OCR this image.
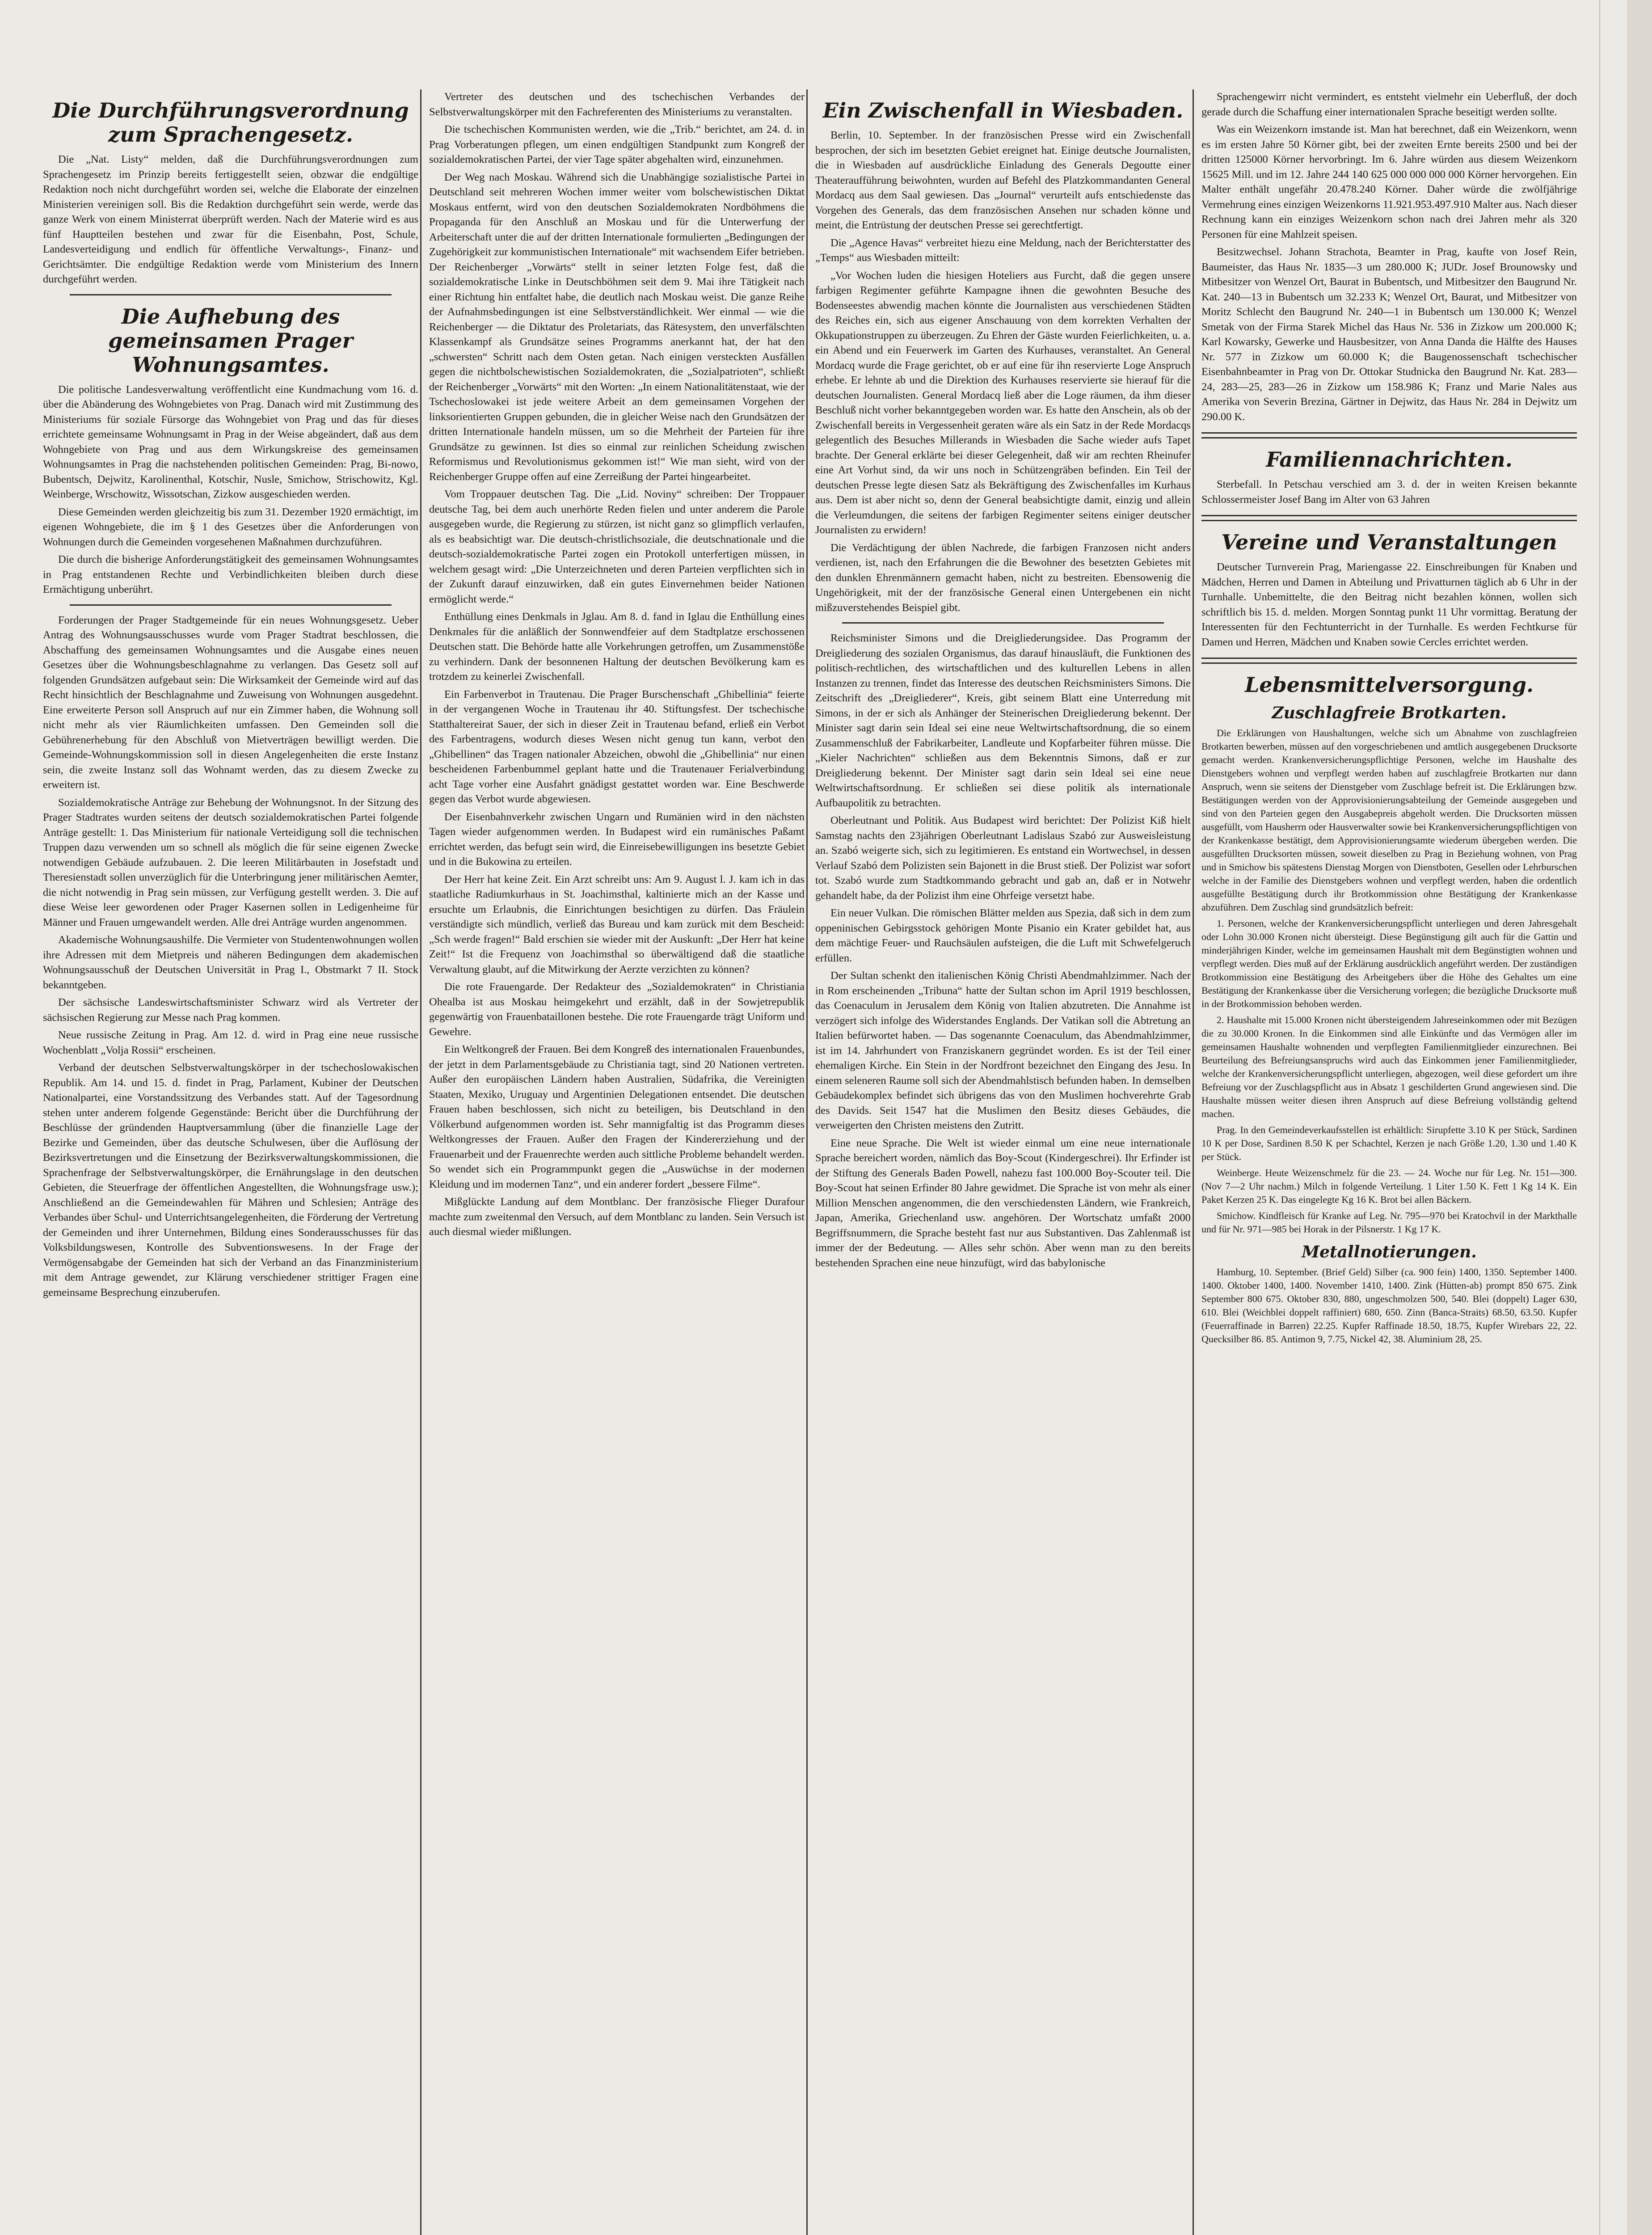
Die Durchführungsverordnung zum Sprachengesetz.

Die „Nat. Listy“ melden, daß die Durchführungsverordnungen zum Sprachengesetz im Prinzip bereits fertiggestellt seien, obzwar die endgültige Redaktion noch nicht durchgeführt worden sei, welche die Elaborate der einzelnen Ministerien vereinigen soll. Bis die Redaktion durchgeführt sein werde, werde das ganze Werk von einem Ministerrat überprüft werden. Nach der Materie wird es aus fünf Hauptteilen bestehen und zwar für die Eisenbahn, Post, Schule, Landesverteidigung und endlich für öffentliche Verwaltungs-, Finanz- und Gerichtsämter. Die endgültige Redaktion werde vom Ministerium des Innern durchgeführt werden.

Die Aufhebung des gemeinsamen Prager Wohnungsamtes.

Die politische Landesverwaltung veröffentlicht eine Kundmachung vom 16. d. über die Abänderung des Wohngebietes von Prag. Danach wird mit Zustimmung des Ministeriums für soziale Fürsorge das Wohngebiet von Prag und das für dieses errichtete gemeinsame Wohnungsamt in Prag in der Weise abgeändert, daß aus dem Wohngebiete von Prag und aus dem Wirkungskreise des gemeinsamen Wohnungsamtes in Prag die nachstehenden politischen Gemeinden: Prag, Bi-nowo, Bubentsch, Dejwitz, Karolinenthal, Kotschir, Nusle, Smichow, Strischowitz, Kgl. Weinberge, Wrschowitz, Wissotschan, Zizkow ausgeschieden werden.

Diese Gemeinden werden gleichzeitig bis zum 31. Dezember 1920 ermächtigt, im eigenen Wohngebiete, die im § 1 des Gesetzes über die Anforderungen von Wohnungen durch die Gemeinden vorgesehenen Maßnahmen durchzuführen.

Die durch die bisherige Anforderungstätigkeit des gemeinsamen Wohnungsamtes in Prag entstandenen Rechte und Verbindlichkeiten bleiben durch diese Ermächtigung unberührt.

Forderungen der Prager Stadtgemeinde für ein neues Wohnungsgesetz. Ueber Antrag des Wohnungsausschusses wurde vom Prager Stadtrat beschlossen, die Abschaffung des gemeinsamen Wohnungsamtes und die Ausgabe eines neuen Gesetzes über die Wohnungsbeschlagnahme zu verlangen. Das Gesetz soll auf folgenden Grundsätzen aufgebaut sein: Die Wirksamkeit der Gemeinde wird auf das Recht hinsichtlich der Beschlagnahme und Zuweisung von Wohnungen ausgedehnt. Eine erweiterte Person soll Anspruch auf nur ein Zimmer haben, die Wohnung soll nicht mehr als vier Räumlichkeiten umfassen. Den Gemeinden soll die Gebührenerhebung für den Abschluß von Mietverträgen bewilligt werden. Die Gemeinde-Wohnungskommission soll in diesen Angelegenheiten die erste Instanz sein, die zweite Instanz soll das Wohnamt werden, das zu diesem Zwecke zu erweitern ist.

Sozialdemokratische Anträge zur Behebung der Wohnungsnot. In der Sitzung des Prager Stadtrates wurden seitens der deutsch sozialdemokratischen Partei folgende Anträge gestellt: 1. Das Ministerium für nationale Verteidigung soll die technischen Truppen dazu verwenden um so schnell als möglich die für seine eigenen Zwecke notwendigen Gebäude aufzubauen. 2. Die leeren Militärbauten in Josefstadt und Theresienstadt sollen unverzüglich für die Unterbringung jener militärischen Aemter, die nicht notwendig in Prag sein müssen, zur Verfügung gestellt werden. 3. Die auf diese Weise leer gewordenen oder Prager Kasernen sollen in Ledigenheime für Männer und Frauen umgewandelt werden. Alle drei Anträge wurden angenommen.

Akademische Wohnungsaushilfe. Die Vermieter von Studentenwohnungen wollen ihre Adressen mit dem Mietpreis und näheren Bedingungen dem akademischen Wohnungsausschuß der Deutschen Universität in Prag I., Obstmarkt 7 II. Stock bekanntgeben.

Der sächsische Landeswirtschaftsminister Schwarz wird als Vertreter der sächsischen Regierung zur Messe nach Prag kommen.

Neue russische Zeitung in Prag. Am 12. d. wird in Prag eine neue russische Wochenblatt „Volja Rossii“ erscheinen.

Verband der deutschen Selbstverwaltungskörper in der tschechoslowakischen Republik. Am 14. und 15. d. findet in Prag, Parlament, Kubiner der Deutschen Nationalpartei, eine Vorstandssitzung des Verbandes statt. Auf der Tagesordnung stehen unter anderem folgende Gegenstände: Bericht über die Durchführung der Beschlüsse der gründenden Hauptversammlung (über die finanzielle Lage der Bezirke und Gemeinden, über das deutsche Schulwesen, über die Auflösung der Bezirksvertretungen und die Einsetzung der Bezirksverwaltungskommissionen, die Sprachenfrage der Selbstverwaltungskörper, die Ernährungslage in den deutschen Gebieten, die Steuerfrage der öffentlichen Angestellten, die Wohnungsfrage usw.); Anschließend an die Gemeindewahlen für Mähren und Schlesien; Anträge des Verbandes über Schul- und Unterrichtsangelegenheiten, die Förderung der Vertretung der Gemeinden und ihrer Unternehmen, Bildung eines Sonderausschusses für das Volksbildungswesen, Kontrolle des Subventionswesens. In der Frage der Vermögensabgabe der Gemeinden hat sich der Verband an das Finanzministerium mit dem Antrage gewendet, zur Klärung verschiedener strittiger Fragen eine gemeinsame Besprechung einzuberufen.

Vertreter des deutschen und des tschechischen Verbandes der Selbstverwaltungskörper mit den Fachreferenten des Ministeriums zu veranstalten.

Die tschechischen Kommunisten werden, wie die „Trib.“ berichtet, am 24. d. in Prag Vorberatungen pflegen, um einen endgültigen Standpunkt zum Kongreß der sozialdemokratischen Partei, der vier Tage später abgehalten wird, einzunehmen.

Der Weg nach Moskau. Während sich die Unabhängige sozialistische Partei in Deutschland seit mehreren Wochen immer weiter vom bolschewistischen Diktat Moskaus entfernt, wird von den deutschen Sozialdemokraten Nordböhmens die Propaganda für den Anschluß an Moskau und für die Unterwerfung der Arbeiterschaft unter die auf der dritten Internationale formulierten „Bedingungen der Zugehörigkeit zur kommunistischen Internationale“ mit wachsendem Eifer betrieben. Der Reichenberger „Vorwärts“ stellt in seiner letzten Folge fest, daß die sozialdemokratische Linke in Deutschböhmen seit dem 9. Mai ihre Tätigkeit nach einer Richtung hin entfaltet habe, die deutlich nach Moskau weist. Die ganze Reihe der Aufnahmsbedingungen ist eine Selbstverständlichkeit. Wer einmal — wie die Reichenberger — die Diktatur des Proletariats, das Rätesystem, den unverfälschten Klassenkampf als Grundsätze seines Programms anerkannt hat, der hat den „schwersten“ Schritt nach dem Osten getan. Nach einigen versteckten Ausfällen gegen die nichtbolschewistischen Sozialdemokraten, die „Sozialpatrioten“, schließt der Reichenberger „Vorwärts“ mit den Worten: „In einem Nationalitätenstaat, wie der Tschechoslowakei ist jede weitere Arbeit an dem gemeinsamen Vorgehen der linksorientierten Gruppen gebunden, die in gleicher Weise nach den Grundsätzen der dritten Internationale handeln müssen, um so die Mehrheit der Parteien für ihre Grundsätze zu gewinnen. Ist dies so einmal zur reinlichen Scheidung zwischen Reformismus und Revolutionismus gekommen ist!“ Wie man sieht, wird von der Reichenberger Gruppe offen auf eine Zerreißung der Partei hingearbeitet.

Vom Troppauer deutschen Tag. Die „Lid. Noviny“ schreiben: Der Troppauer deutsche Tag, bei dem auch unerhörte Reden fielen und unter anderem die Parole ausgegeben wurde, die Regierung zu stürzen, ist nicht ganz so glimpflich verlaufen, als es beabsichtigt war. Die deutsch-christlichsoziale, die deutschnationale und die deutsch-sozialdemokratische Partei zogen ein Protokoll unterfertigen müssen, in welchem gesagt wird: „Die Unterzeichneten und deren Parteien verpflichten sich in der Zukunft darauf einzuwirken, daß ein gutes Einvernehmen beider Nationen ermöglicht werde.“

Enthüllung eines Denkmals in Jglau. Am 8. d. fand in Iglau die Enthüllung eines Denkmales für die anläßlich der Sonnwendfeier auf dem Stadtplatze erschossenen Deutschen statt. Die Behörde hatte alle Vorkehrungen getroffen, um Zusammenstöße zu verhindern. Dank der besonnenen Haltung der deutschen Bevölkerung kam es trotzdem zu keinerlei Zwischenfall.

Ein Farbenverbot in Trautenau. Die Prager Burschenschaft „Ghibellinia“ feierte in der vergangenen Woche in Trautenau ihr 40. Stiftungsfest. Der tschechische Statthaltereirat Sauer, der sich in dieser Zeit in Trautenau befand, erließ ein Verbot des Farbentragens, wodurch dieses Wesen nicht genug tun kann, verbot den „Ghibellinen“ das Tragen nationaler Abzeichen, obwohl die „Ghibellinia“ nur einen bescheidenen Farbenbummel geplant hatte und die Trautenauer Ferialverbindung acht Tage vorher eine Ausfahrt gnädigst gestattet worden war. Eine Beschwerde gegen das Verbot wurde abgewiesen.

Der Eisenbahnverkehr zwischen Ungarn und Rumänien wird in den nächsten Tagen wieder aufgenommen werden. In Budapest wird ein rumänisches Paßamt errichtet werden, das befugt sein wird, die Einreisebewilligungen ins besetzte Gebiet und in die Bukowina zu erteilen.

Der Herr hat keine Zeit. Ein Arzt schreibt uns: Am 9. August l. J. kam ich in das staatliche Radiumkurhaus in St. Joachimsthal, kaltinierte mich an der Kasse und ersuchte um Erlaubnis, die Einrichtungen besichtigen zu dürfen. Das Fräulein verständigte sich mündlich, verließ das Bureau und kam zurück mit dem Bescheid: „Sch werde fragen!“ Bald erschien sie wieder mit der Auskunft: „Der Herr hat keine Zeit!“ Ist die Frequenz von Joachimsthal so überwältigend daß die staatliche Verwaltung glaubt, auf die Mitwirkung der Aerzte verzichten zu können?

Die rote Frauengarde. Der Redakteur des „Sozialdemokraten“ in Christiania Ohealba ist aus Moskau heimgekehrt und erzählt, daß in der Sowjetrepublik gegenwärtig von Frauenbataillonen bestehe. Die rote Frauengarde trägt Uniform und Gewehre.

Ein Weltkongreß der Frauen. Bei dem Kongreß des internationalen Frauenbundes, der jetzt in dem Parlamentsgebäude zu Christiania tagt, sind 20 Nationen vertreten. Außer den europäischen Ländern haben Australien, Südafrika, die Vereinigten Staaten, Mexiko, Uruguay und Argentinien Delegationen entsendet. Die deutschen Frauen haben beschlossen, sich nicht zu beteiligen, bis Deutschland in den Völkerbund aufgenommen worden ist. Sehr mannigfaltig ist das Programm dieses Weltkongresses der Frauen. Außer den Fragen der Kindererziehung und der Frauenarbeit und der Frauenrechte werden auch sittliche Probleme behandelt werden. So wendet sich ein Programmpunkt gegen die „Auswüchse in der modernen Kleidung und im modernen Tanz“, und ein anderer fordert „bessere Filme“.

Mißglückte Landung auf dem Montblanc. Der französische Flieger Durafour machte zum zweitenmal den Versuch, auf dem Montblanc zu landen. Sein Versuch ist auch diesmal wieder mißlungen.

Ein Zwischenfall in Wiesbaden.

Berlin, 10. September. In der französischen Presse wird ein Zwischenfall besprochen, der sich im besetzten Gebiet ereignet hat. Einige deutsche Journalisten, die in Wiesbaden auf ausdrückliche Einladung des Generals Degoutte einer Theateraufführung beiwohnten, wurden auf Befehl des Platzkommandanten General Mordacq aus dem Saal gewiesen. Das „Journal“ verurteilt aufs entschiedenste das Vorgehen des Generals, das dem französischen Ansehen nur schaden könne und meint, die Entrüstung der deutschen Presse sei gerechtfertigt.

Die „Agence Havas“ verbreitet hiezu eine Meldung, nach der Berichterstatter des „Temps“ aus Wiesbaden mitteilt:

„Vor Wochen luden die hiesigen Hoteliers aus Furcht, daß die gegen unsere farbigen Regimenter geführte Kampagne ihnen die gewohnten Besuche des Bodenseestes abwendig machen könnte die Journalisten aus verschiedenen Städten des Reiches ein, sich aus eigener Anschauung von dem korrekten Verhalten der Okkupationstruppen zu überzeugen. Zu Ehren der Gäste wurden Feierlichkeiten, u. a. ein Abend und ein Feuerwerk im Garten des Kurhauses, veranstaltet. An General Mordacq wurde die Frage gerichtet, ob er auf eine für ihn reservierte Loge Anspruch erhebe. Er lehnte ab und die Direktion des Kurhauses reservierte sie hierauf für die deutschen Journalisten. General Mordacq ließ aber die Loge räumen, da ihm dieser Beschluß nicht vorher bekanntgegeben worden war. Es hatte den Anschein, als ob der Zwischenfall bereits in Vergessenheit geraten wäre als ein Satz in der Rede Mordacqs gelegentlich des Besuches Millerands in Wiesbaden die Sache wieder aufs Tapet brachte. Der General erklärte bei dieser Gelegenheit, daß wir am rechten Rheinufer eine Art Vorhut sind, da wir uns noch in Schützengräben befinden. Ein Teil der deutschen Presse legte diesen Satz als Bekräftigung des Zwischenfalles im Kurhaus aus. Dem ist aber nicht so, denn der General beabsichtigte damit, einzig und allein die Verleumdungen, die seitens der farbigen Regimenter seitens einiger deutscher Journalisten zu erwidern!

Die Verdächtigung der üblen Nachrede, die farbigen Franzosen nicht anders verdienen, ist, nach den Erfahrungen die die Bewohner des besetzten Gebietes mit den dunklen Ehrenmännern gemacht haben, nicht zu bestreiten. Ebensowenig die Ungehörigkeit, mit der der französische General einen Untergebenen ein nicht mißzuverstehendes Beispiel gibt.

Reichsminister Simons und die Dreigliederungsidee. Das Programm der Dreigliederung des sozialen Organismus, das darauf hinausläuft, die Funktionen des politisch-rechtlichen, des wirtschaftlichen und des kulturellen Lebens in allen Instanzen zu trennen, findet das Interesse des deutschen Reichsministers Simons. Die Zeitschrift des „Dreigliederer“, Kreis, gibt seinem Blatt eine Unterredung mit Simons, in der er sich als Anhänger der Steinerischen Dreigliederung bekennt. Der Minister sagt darin sein Ideal sei eine neue Weltwirtschaftsordnung, die so einem Zusammenschluß der Fabrikarbeiter, Landleute und Kopfarbeiter führen müsse. Die „Kieler Nachrichten“ schließen aus dem Bekenntnis Simons, daß er zur Dreigliederung bekennt. Der Minister sagt darin sein Ideal sei eine neue Weltwirtschaftsordnung. Er schließen sei diese politik als internationale Aufbaupolitik zu betrachten.

Oberleutnant und Politik. Aus Budapest wird berichtet: Der Polizist Kiß hielt Samstag nachts den 23jährigen Oberleutnant Ladislaus Szabó zur Ausweisleistung an. Szabó weigerte sich, sich zu legitimieren. Es entstand ein Wortwechsel, in dessen Verlauf Szabó dem Polizisten sein Bajonett in die Brust stieß. Der Polizist war sofort tot. Szabó wurde zum Stadtkommando gebracht und gab an, daß er in Notwehr gehandelt habe, da der Polizist ihm eine Ohrfeige versetzt habe.

Ein neuer Vulkan. Die römischen Blätter melden aus Spezia, daß sich in dem zum oppeninischen Gebirgsstock gehörigen Monte Pisanio ein Krater gebildet hat, aus dem mächtige Feuer- und Rauchsäulen aufsteigen, die die Luft mit Schwefelgeruch erfüllen.

Der Sultan schenkt den italienischen König Christi Abendmahlzimmer. Nach der in Rom erscheinenden „Tribuna“ hatte der Sultan schon im April 1919 beschlossen, das Coenaculum in Jerusalem dem König von Italien abzutreten. Die Annahme ist verzögert sich infolge des Widerstandes Englands. Der Vatikan soll die Abtretung an Italien befürwortet haben. — Das sogenannte Coenaculum, das Abendmahlzimmer, ist im 14. Jahrhundert von Franziskanern gegründet worden. Es ist der Teil einer ehemaligen Kirche. Ein Stein in der Nordfront bezeichnet den Eingang des Jesu. In einem seleneren Raume soll sich der Abendmahlstisch befunden haben. In demselben Gebäudekomplex befindet sich übrigens das von den Muslimen hochverehrte Grab des Davids. Seit 1547 hat die Muslimen den Besitz dieses Gebäudes, die verweigerten den Christen meistens den Zutritt.

Eine neue Sprache. Die Welt ist wieder einmal um eine neue internationale Sprache bereichert worden, nämlich das Boy-Scout (Kindergeschrei). Ihr Erfinder ist der Stiftung des Generals Baden Powell, nahezu fast 100.000 Boy-Scouter teil. Die Boy-Scout hat seinen Erfinder 80 Jahre gewidmet. Die Sprache ist von mehr als einer Million Menschen angenommen, die den verschiedensten Ländern, wie Frankreich, Japan, Amerika, Griechenland usw. angehören. Der Wortschatz umfaßt 2000 Begriffsnummern, die Sprache besteht fast nur aus Substantiven. Das Zahlenmaß ist immer der der Bedeutung. — Alles sehr schön. Aber wenn man zu den bereits bestehenden Sprachen eine neue hinzufügt, wird das babylonische

Sprachengewirr nicht vermindert, es entsteht vielmehr ein Ueberfluß, der doch gerade durch die Schaffung einer internationalen Sprache beseitigt werden sollte.

Was ein Weizenkorn imstande ist. Man hat berechnet, daß ein Weizenkorn, wenn es im ersten Jahre 50 Körner gibt, bei der zweiten Ernte bereits 2500 und bei der dritten 125000 Körner hervorbringt. Im 6. Jahre würden aus diesem Weizenkorn 15625 Mill. und im 12. Jahre 244 140 625 000 000 000 000 Körner hervorgehen. Ein Malter enthält ungefähr 20.478.240 Körner. Daher würde die zwölfjährige Vermehrung eines einzigen Weizenkorns 11.921.953.497.910 Malter aus. Nach dieser Rechnung kann ein einziges Weizenkorn schon nach drei Jahren mehr als 320 Personen für eine Mahlzeit speisen.

Besitzwechsel. Johann Strachota, Beamter in Prag, kaufte von Josef Rein, Baumeister, das Haus Nr. 1835—3 um 280.000 K; JUDr. Josef Brounowsky und Mitbesitzer von Wenzel Ort, Baurat in Bubentsch, und Mitbesitzer den Baugrund Nr. Kat. 240—13 in Bubentsch um 32.233 K; Wenzel Ort, Baurat, und Mitbesitzer von Moritz Schlecht den Baugrund Nr. 240—1 in Bubentsch um 130.000 K; Wenzel Smetak von der Firma Starek Michel das Haus Nr. 536 in Zizkow um 200.000 K; Karl Kowarsky, Gewerke und Hausbesitzer, von Anna Danda die Hälfte des Hauses Nr. 577 in Zizkow um 60.000 K; die Baugenossenschaft tschechischer Eisenbahnbeamter in Prag von Dr. Ottokar Studnicka den Baugrund Nr. Kat. 283—24, 283—25, 283—26 in Zizkow um 158.986 K; Franz und Marie Nales aus Amerika von Severin Brezina, Gärtner in Dejwitz, das Haus Nr. 284 in Dejwitz um 290.00 K.

Familiennachrichten.

Sterbefall. In Petschau verschied am 3. d. der in weiten Kreisen bekannte Schlossermeister Josef Bang im Alter von 63 Jahren

Vereine und Veranstaltungen

Deutscher Turnverein Prag, Mariengasse 22. Einschreibungen für Knaben und Mädchen, Herren und Damen in Abteilung und Privatturnen täglich ab 6 Uhr in der Turnhalle. Unbemittelte, die den Beitrag nicht bezahlen können, wollen sich schriftlich bis 15. d. melden. Morgen Sonntag punkt 11 Uhr vormittag. Beratung der Interessenten für den Fechtunterricht in der Turnhalle. Es werden Fechtkurse für Damen und Herren, Mädchen und Knaben sowie Cercles errichtet werden.

Lebensmittelversorgung.
Zuschlagfreie Brotkarten.

Die Erklärungen von Haushaltungen, welche sich um Abnahme von zuschlagfreien Brotkarten bewerben, müssen auf den vorgeschriebenen und amtlich ausgegebenen Drucksorte gemacht werden. Krankenversicherungspflichtige Personen, welche im Haushalte des Dienstgebers wohnen und verpflegt werden haben auf zuschlagfreie Brotkarten nur dann Anspruch, wenn sie seitens der Dienstgeber vom Zuschlage befreit ist. Die Erklärungen bzw. Bestätigungen werden von der Approvisionierungsabteilung der Gemeinde ausgegeben und sind von den Parteien gegen den Ausgabepreis abgeholt werden. Die Drucksorten müssen ausgefüllt, vom Hausherrn oder Hausverwalter sowie bei Krankenversicherungspflichtigen von der Krankenkasse bestätigt, dem Approvisionierungsamte wiederum übergeben werden. Die ausgefüllten Drucksorten müssen, soweit dieselben zu Prag in Beziehung wohnen, von Prag und in Smichow bis spätestens Dienstag Morgen von Dienstboten, Gesellen oder Lehrburschen welche in der Familie des Dienstgebers wohnen und verpflegt werden, haben die ordentlich ausgefüllte Bestätigung durch ihr Brotkommission ohne Bestätigung der Krankenkasse abzuführen. Dem Zuschlag sind grundsätzlich befreit:

1. Personen, welche der Krankenversicherungspflicht unterliegen und deren Jahresgehalt oder Lohn 30.000 Kronen nicht übersteigt. Diese Begünstigung gilt auch für die Gattin und minderjährigen Kinder, welche im gemeinsamen Haushalt mit dem Begünstigten wohnen und verpflegt werden. Dies muß auf der Erklärung ausdrücklich angeführt werden. Der zuständigen Brotkommission eine Bestätigung des Arbeitgebers über die Höhe des Gehaltes um eine Bestätigung der Krankenkasse über die Versicherung vorlegen; die bezügliche Drucksorte muß in der Brotkommission behoben werden.

2. Haushalte mit 15.000 Kronen nicht übersteigendem Jahreseinkommen oder mit Bezügen die zu 30.000 Kronen. In die Einkommen sind alle Einkünfte und das Vermögen aller im gemeinsamen Haushalte wohnenden und verpflegten Familienmitglieder einzurechnen. Bei Beurteilung des Befreiungsanspruchs wird auch das Einkommen jener Familienmitglieder, welche der Krankenversicherungspflicht unterliegen, abgezogen, weil diese gefordert um ihre Befreiung vor der Zuschlagspflicht aus in Absatz 1 geschilderten Grund angewiesen sind. Die Haushalte müssen weiter diesen ihren Anspruch auf diese Befreiung vollständig geltend machen.

Prag. In den Gemeindeverkaufsstellen ist erhältlich: Sirupfette 3.10 K per Stück, Sardinen 10 K per Dose, Sardinen 8.50 K per Schachtel, Kerzen je nach Größe 1.20, 1.30 und 1.40 K per Stück.

Weinberge. Heute Weizenschmelz für die 23. — 24. Woche nur für Leg. Nr. 151—300. (Nov 7—2 Uhr nachm.) Milch in folgende Verteilung. 1 Liter 1.50 K. Fett 1 Kg 14 K. Ein Paket Kerzen 25 K. Das eingelegte Kg 16 K. Brot bei allen Bäckern.

Smichow. Kindfleisch für Kranke auf Leg. Nr. 795—970 bei Kratochvil in der Markthalle und für Nr. 971—985 bei Horak in der Pilsnerstr. 1 Kg 17 K.

Metallnotierungen.

Hamburg, 10. September. (Brief Geld) Silber (ca. 900 fein) 1400, 1350. September 1400. 1400. Oktober 1400, 1400. November 1410, 1400. Zink (Hütten-ab) prompt 850 675. Zink September 800 675. Oktober 830, 880, ungeschmolzen 500, 540. Blei (doppelt) Lager 630, 610. Blei (Weichblei doppelt raffiniert) 680, 650. Zinn (Banca-Straits) 68.50, 63.50. Kupfer (Feuerraffinade in Barren) 22.25. Kupfer Raffinade 18.50, 18.75, Kupfer Wirebars 22, 22. Quecksilber 86. 85. Antimon 9, 7.75, Nickel 42, 38. Aluminium 28, 25.
